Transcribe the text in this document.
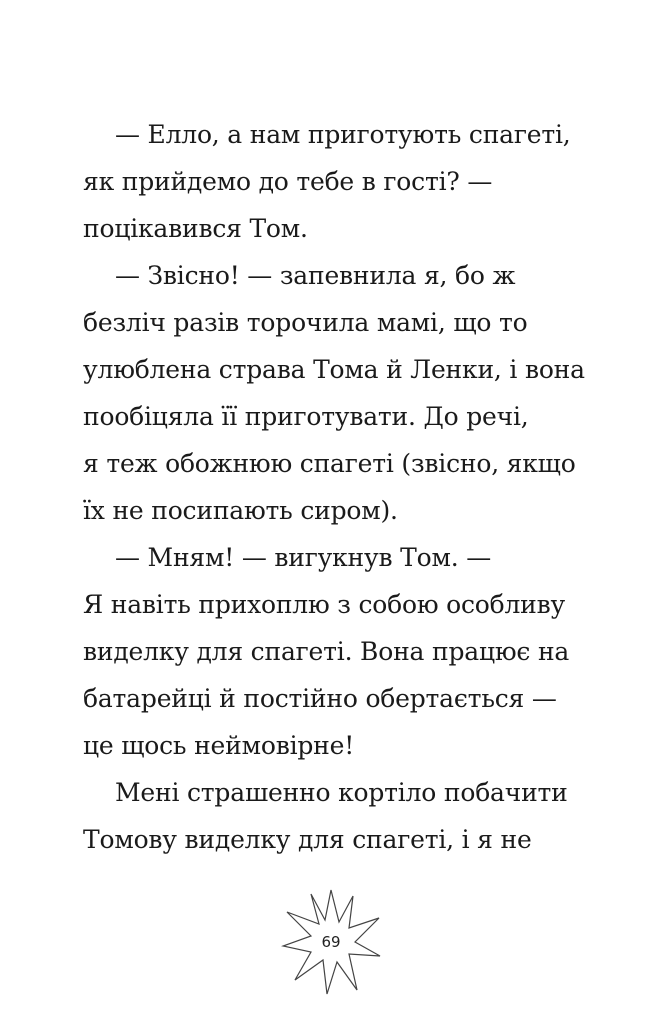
— Елло, а нам приготують спагеті,
як прийдемо до тебе в гості? —
поцікавився Том.
— Звісно! — запевнила я, бо ж
безліч разів торочила мамі, що то
улюблена страва Тома й Ленки, і вона
пообіцяла її приготувати. До речі,
я теж обожнюю спагеті (звісно, якщо
їх не посипають сиром).
— Мням! — вигукнув Том. —
Я навіть прихоплю з собою особливу
виделку для спагеті. Вона працює на
батарейці й постійно обертається —
це щось неймовірне!
Мені страшенно кортіло побачити
Томову виделку для спагеті, і я не
69
